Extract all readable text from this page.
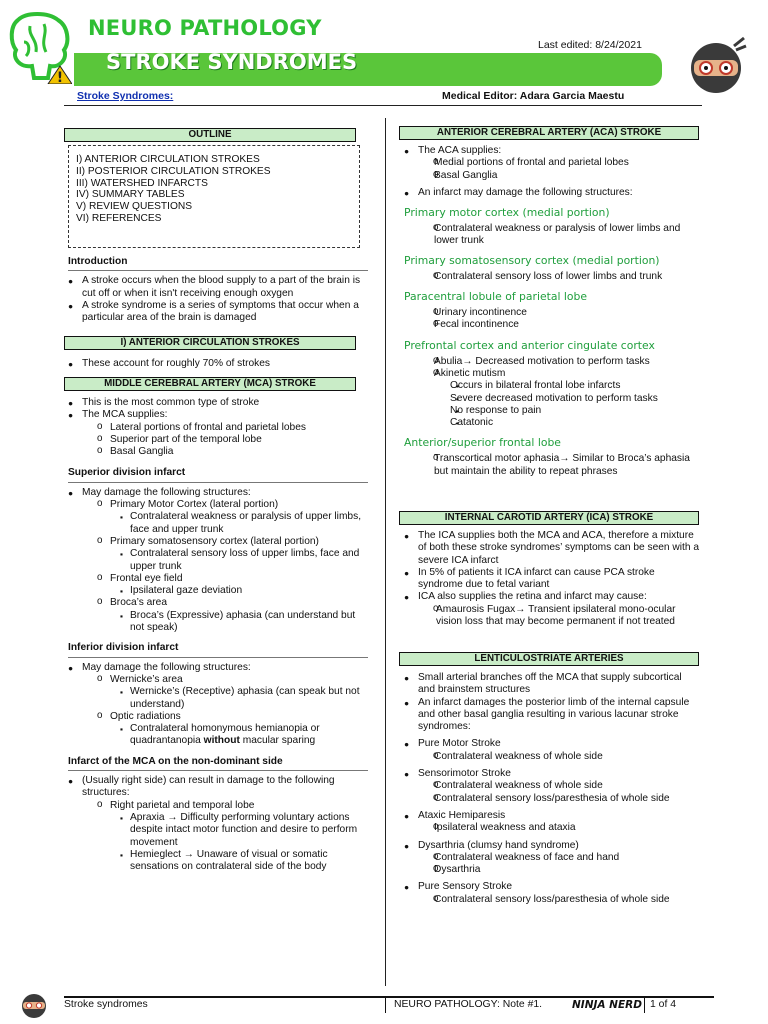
!
NEURO PATHOLOGY
STROKE SYNDROMES
Last edited: 8/24/2021
Stroke Syndromes:	Medical Editor: Adara Garcia Maestu
OUTLINE
I) ANTERIOR CIRCULATION STROKES
II) POSTERIOR CIRCULATION STROKES
III) WATERSHED INFARCTS
IV) SUMMARY TABLES
V) REVIEW QUESTIONS
VI) REFERENCES
Introduction
● A stroke occurs when the blood supply to a part of the brain is cut off or when it isn't receiving enough oxygen
● A stroke syndrome is a series of symptoms that occur when a particular area of the brain is damaged
I) ANTERIOR CIRCULATION STROKES
● These account for roughly 70% of strokes
MIDDLE CEREBRAL ARTERY (MCA) STROKE
● This is the most common type of stroke
● The MCA supplies:
o Lateral portions of frontal and parietal lobes
o Superior part of the temporal lobe
o Basal Ganglia
Superior division infarct
● May damage the following structures:
o Primary Motor Cortex (lateral portion)
▪ Contralateral weakness or paralysis of upper limbs, face and upper trunk
o Primary somatosensory cortex (lateral portion)
▪ Contralateral sensory loss of upper limbs, face and upper trunk
o Frontal eye field
▪ Ipsilateral gaze deviation
o Broca’s area
▪ Broca’s (Expressive) aphasia (can understand but not speak)
Inferior division infarct
● May damage the following structures:
o Wernicke’s area
▪ Wernicke’s (Receptive) aphasia (can speak but not understand)
o Optic radiations
▪ Contralateral homonymous hemianopia or quadrantanopia without macular sparing
Infarct of the MCA on the non-dominant side
● (Usually right side) can result in damage to the following structures:
o Right parietal and temporal lobe
▪ Apraxia → Difficulty performing voluntary actions despite intact motor function and desire to perform movement
▪ Hemieglect → Unaware of visual or somatic sensations on contralateral side of the body
ANTERIOR CEREBRAL ARTERY (ACA) STROKE
● The ACA supplies:
o Medial portions of frontal and parietal lobes
o Basal Ganglia
● An infarct may damage the following structures:
Primary motor cortex (medial portion)
o Contralateral weakness or paralysis of lower limbs and lower trunk
Primary somatosensory cortex (medial portion)
o Contralateral sensory loss of lower limbs and trunk
Paracentral lobule of parietal lobe
o Urinary incontinence
o Fecal incontinence
Prefrontal cortex and anterior cingulate cortex
o Abulia→ Decreased motivation to perform tasks
o Akinetic mutism
▪ Occurs in bilateral frontal lobe infarcts
▪ Severe decreased motivation to perform tasks
▪ No response to pain
▪ Catatonic
Anterior/superior frontal lobe
o Transcortical motor aphasia→ Similar to Broca’s aphasia but maintain the ability to repeat phrases
INTERNAL CAROTID ARTERY (ICA) STROKE
● The ICA supplies both the MCA and ACA, therefore a mixture of both these stroke syndromes’ symptoms can be seen with a severe ICA infarct
● In 5% of patients it ICA infarct can cause PCA stroke syndrome due to fetal variant
● ICA also supplies the retina and infarct may cause:
o Amaurosis Fugax→ Transient ipsilateral mono-ocular vision loss that may become permanent if not treated
LENTICULOSTRIATE ARTERIES
● Small arterial branches off the MCA that supply subcortical and brainstem structures
● An infarct damages the posterior limb of the internal capsule and other basal ganglia resulting in various lacunar stroke syndromes:
● Pure Motor Stroke
o Contralateral weakness of whole side
● Sensorimotor Stroke
o Contralateral weakness of whole side
o Contralateral sensory loss/paresthesia of whole side
● Ataxic Hemiparesis
o Ipsilateral weakness and ataxia
● Dysarthria (clumsy hand syndrome)
o Contralateral weakness of face and hand
o Dysarthria
● Pure Sensory Stroke
o Contralateral sensory loss/paresthesia of whole side
Stroke syndromes	NEURO PATHOLOGY: Note #1.	NINJA NERD 1 of 4
